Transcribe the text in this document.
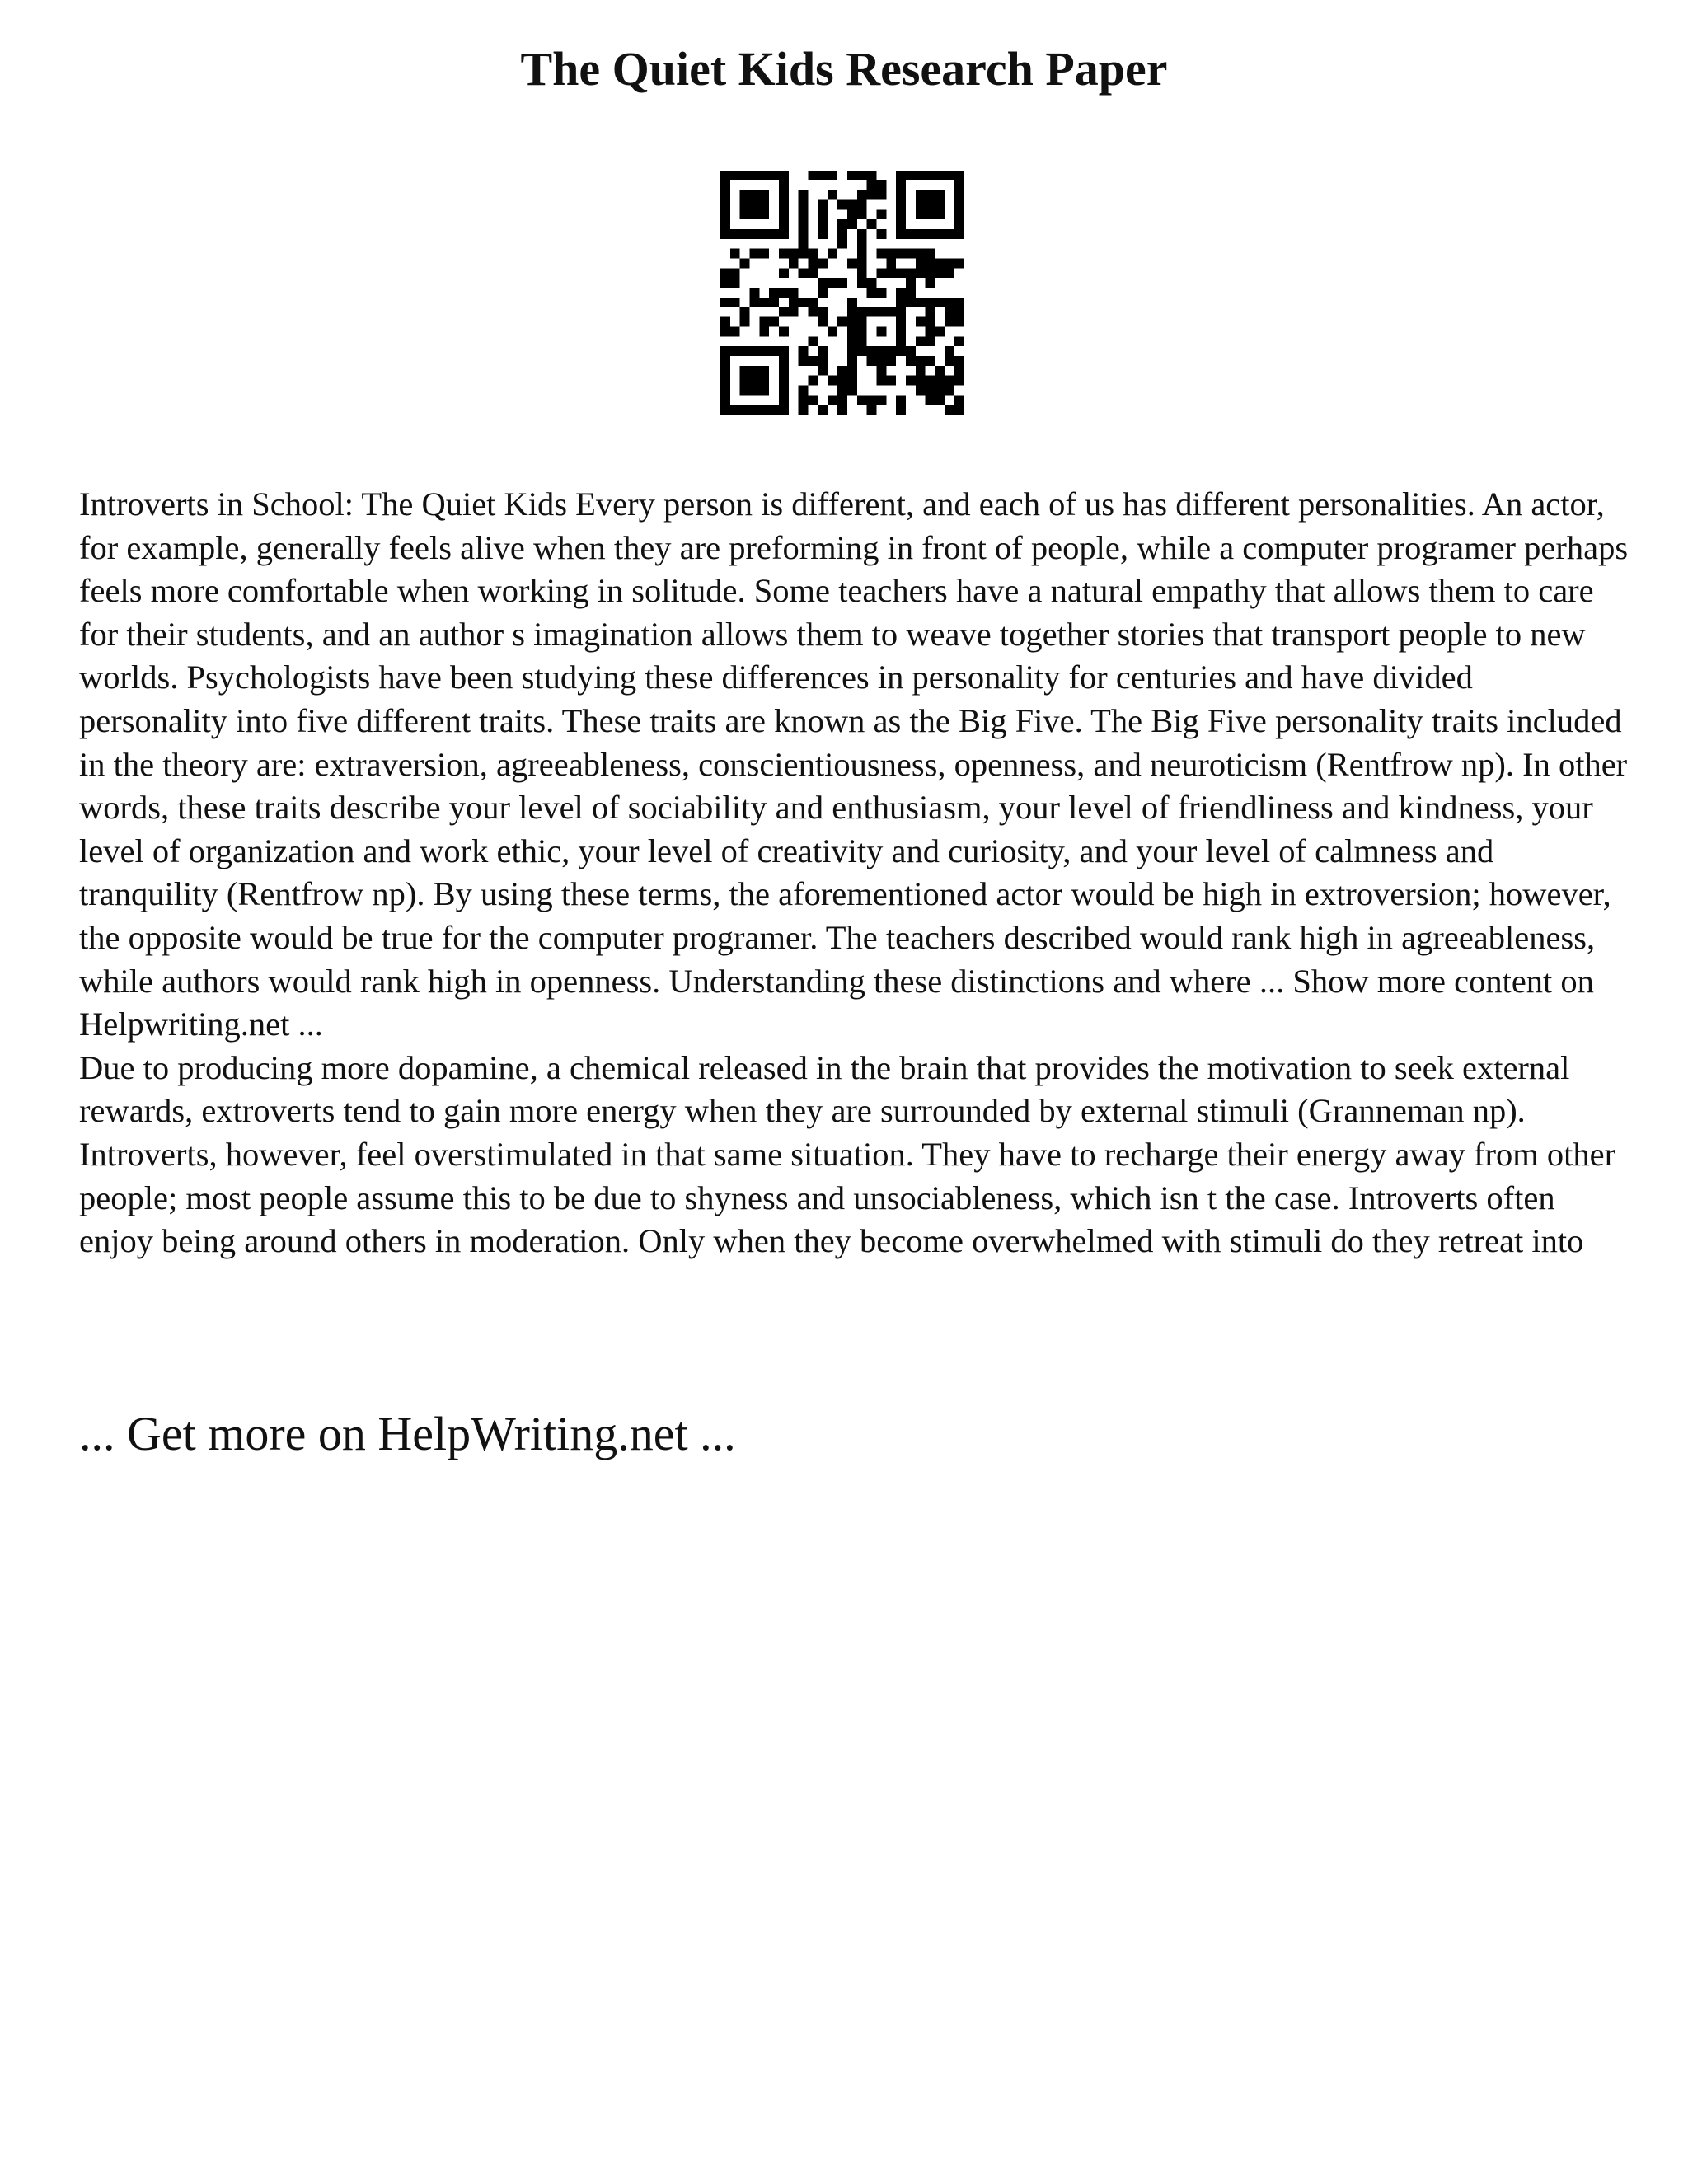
The Quiet Kids Research Paper

Introverts in School: The Quiet Kids Every person is different, and each of us has different personalities. An actor, for example, generally feels alive when they are preforming in front of people, while a computer programer perhaps feels more comfortable when working in solitude. Some teachers have a natural empathy that allows them to care for their students, and an author s imagination allows them to weave together stories that transport people to new worlds. Psychologists have been studying these differences in personality for centuries and have divided personality into five different traits. These traits are known as the Big Five. The Big Five personality traits included in the theory are: extraversion, agreeableness, conscientiousness, openness, and neuroticism (Rentfrow np). In other words, these traits describe your level of sociability and enthusiasm, your level of friendliness and kindness, your level of organization and work ethic, your level of creativity and curiosity, and your level of calmness and tranquility (Rentfrow np). By using these terms, the aforementioned actor would be high in extroversion; however, the opposite would be true for the computer programer. The teachers described would rank high in agreeableness, while authors would rank high in openness. Understanding these distinctions and where ... Show more content on Helpwriting.net ...

Due to producing more dopamine, a chemical released in the brain that provides the motivation to seek external rewards, extroverts tend to gain more energy when they are surrounded by external stimuli (Granneman np). Introverts, however, feel overstimulated in that same situation. They have to recharge their energy away from other people; most people assume this to be due to shyness and unsociableness, which isn t the case. Introverts often enjoy being around others in moderation. Only when they become overwhelmed with stimuli do they retreat into

... Get more on HelpWriting.net ...
